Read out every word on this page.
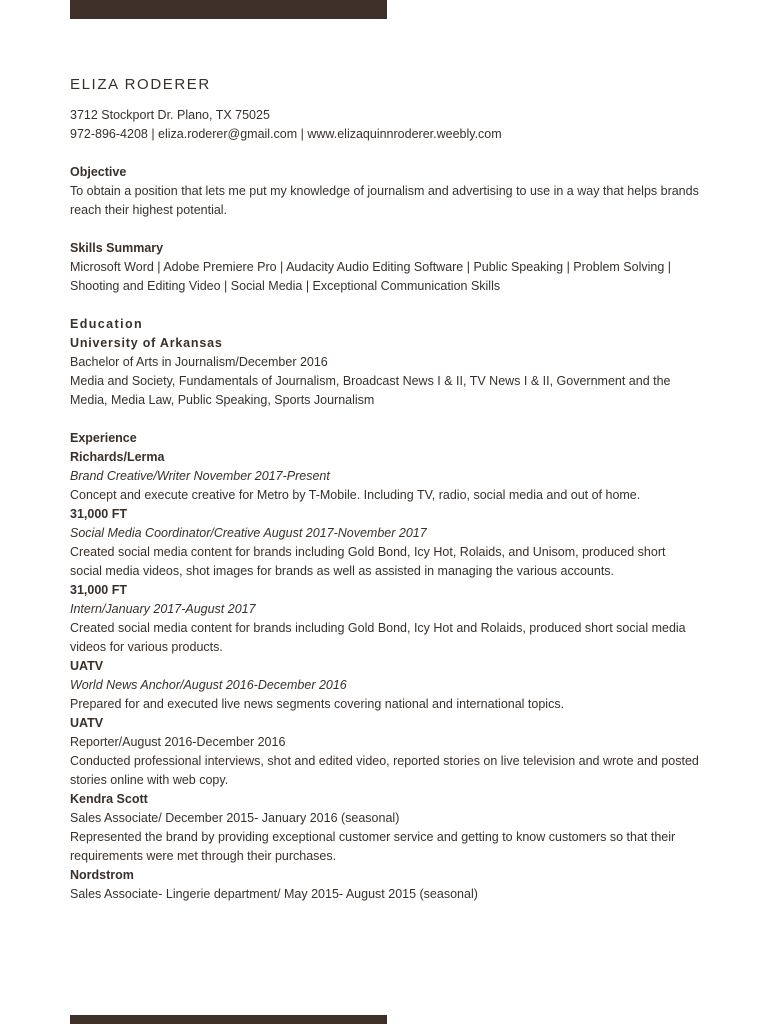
ELIZA RODERER
3712 Stockport Dr. Plano, TX 75025
972-896-4208 | eliza.roderer@gmail.com | www.elizaquinnroderer.weebly.com
Objective
To obtain a position that lets me put my knowledge of journalism and advertising to use in a way that helps brands reach their highest potential.
Skills Summary
Microsoft Word | Adobe Premiere Pro | Audacity Audio Editing Software | Public Speaking | Problem Solving | Shooting and Editing Video | Social Media | Exceptional Communication Skills
Education
University of Arkansas
Bachelor of Arts in Journalism/December 2016
Media and Society, Fundamentals of Journalism, Broadcast News I & II, TV News I & II, Government and the Media, Media Law, Public Speaking, Sports Journalism
Experience
Richards/Lerma
Brand Creative/Writer November 2017-Present
Concept and execute creative for Metro by T-Mobile. Including TV, radio, social media and out of home.
31,000 FT
Social Media Coordinator/Creative August 2017-November 2017
Created social media content for brands including Gold Bond, Icy Hot, Rolaids, and Unisom, produced short social media videos, shot images for brands as well as assisted in managing the various accounts.
31,000 FT
Intern/January 2017-August 2017
Created social media content for brands including Gold Bond, Icy Hot and Rolaids, produced short social media videos for various products.
UATV
World News Anchor/August 2016-December 2016
Prepared for and executed live news segments covering national and international topics.
UATV
Reporter/August 2016-December 2016
Conducted professional interviews, shot and edited video, reported stories on live television and wrote and posted stories online with web copy.
Kendra Scott
Sales Associate/ December 2015- January 2016 (seasonal)
Represented the brand by providing exceptional customer service and getting to know customers so that their requirements were met through their purchases.
Nordstrom
Sales Associate- Lingerie department/ May 2015- August 2015 (seasonal)
